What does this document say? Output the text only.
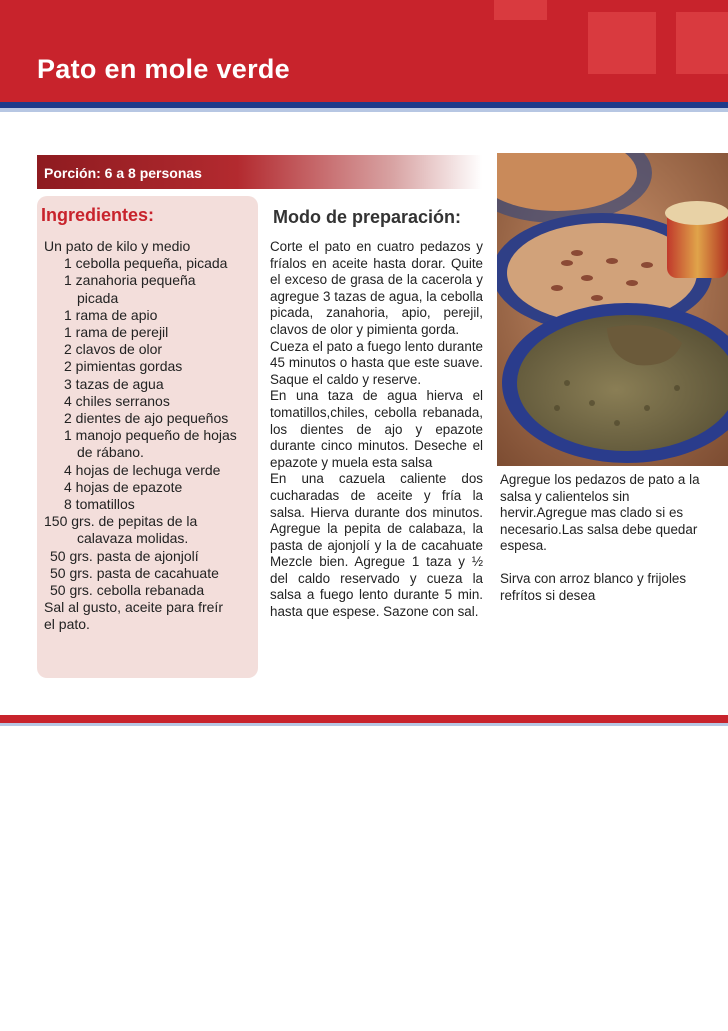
Pato en mole verde
Porción: 6 a 8 personas
Ingredientes:
Un pato de kilo y medio
1 cebolla pequeña, picada
1 zanahoria pequeña
picada
1 rama de apio
1 rama de perejil
2 clavos de olor
2 pimientas gordas
3 tazas de agua
4 chiles serranos
2 dientes de ajo pequeños
1 manojo pequeño de hojas
de rábano.
4 hojas de lechuga verde
4 hojas de epazote
8 tomatillos
150 grs. de pepitas de la
calavaza molidas.
50 grs. pasta de ajonjolí
50 grs. pasta de cacahuate
50 grs. cebolla rebanada
Sal al gusto, aceite para freír
el pato.
Modo de preparación:

Corte el pato en cuatro pedazos y fríalos en aceite hasta dorar. Quite el exceso de grasa de la cacerola y agregue 3 tazas de agua, la cebolla picada, zanahoria, apio, perejil, clavos de olor y pimienta gorda.

Cueza el pato a fuego lento durante 45 minutos o hasta que este suave. Saque el caldo y reserve.

En una taza de agua hierva el tomatillos,chiles, cebolla rebanada, los dientes de ajo y epazote durante cinco minutos. Deseche el epazote y muela esta salsa

En una cazuela caliente dos cucharadas de aceite y fría la salsa. Hierva durante dos minutos. Agregue la pepita de calabaza, la pasta de ajonjolí y la de cacahuate Mezcle bien. Agregue 1 taza y ½ del caldo reservado y cueza la salsa a fuego lento durante 5 min. hasta que espese. Sazone con sal.

Agregue los pedazos de pato a la salsa y calientelos sin hervir.Agregue mas clado si es necesario.Las salsa debe quedar espesa.

Sirva con arroz blanco y frijoles refrítos si desea
